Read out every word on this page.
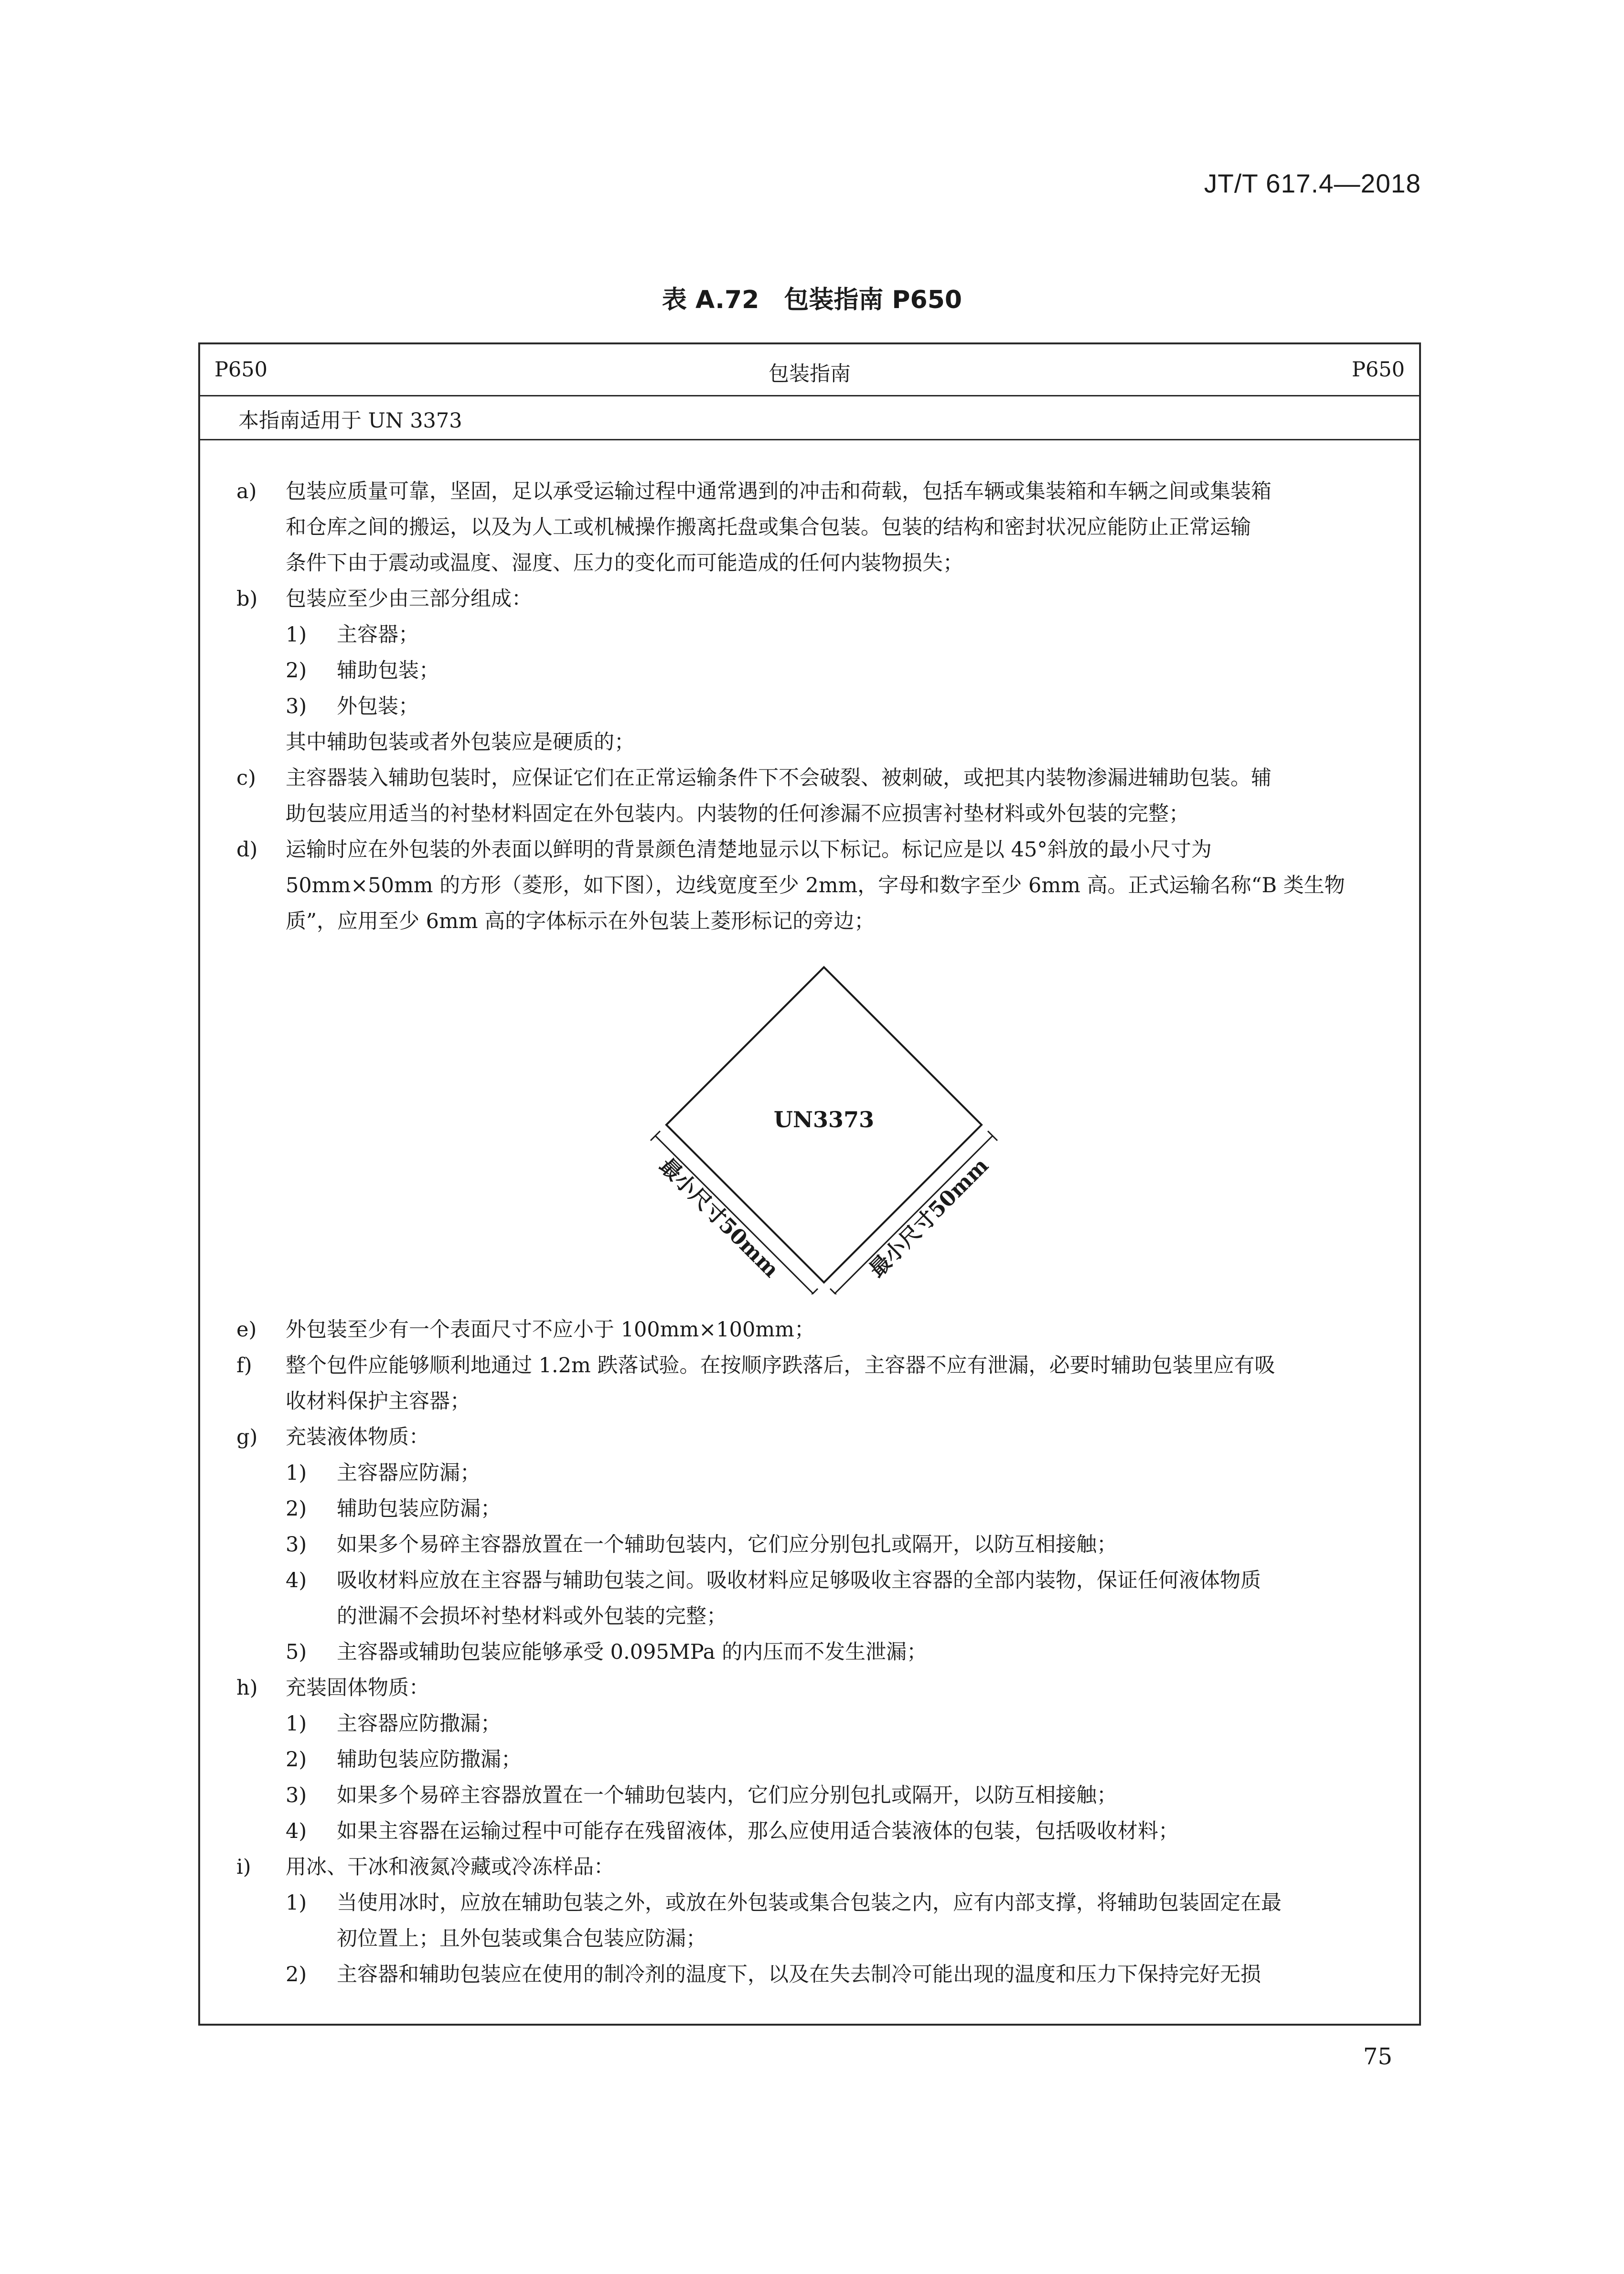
JT/T 617.4—2018
表 A.72　包装指南 P650
P650	包装指南	P650
本指南适用于 UN 3373
a) 包装应质量可靠，坚固，足以承受运输过程中通常遇到的冲击和荷载，包括车辆或集装箱和车辆之间或集装箱
和仓库之间的搬运，以及为人工或机械操作搬离托盘或集合包装。包装的结构和密封状况应能防止正常运输
条件下由于震动或温度、湿度、压力的变化而可能造成的任何内装物损失；
b) 包装应至少由三部分组成：
1) 主容器；
2) 辅助包装；
3) 外包装；
其中辅助包装或者外包装应是硬质的；
c) 主容器装入辅助包装时，应保证它们在正常运输条件下不会破裂、被刺破，或把其内装物渗漏进辅助包装。辅
助包装应用适当的衬垫材料固定在外包装内。内装物的任何渗漏不应损害衬垫材料或外包装的完整；
d) 运输时应在外包装的外表面以鲜明的背景颜色清楚地显示以下标记。标记应是以 45°斜放的最小尺寸为
50mm×50mm 的方形（菱形，如下图），边线宽度至少 2mm，字母和数字至少 6mm 高。正式运输名称“B 类生物
质”，应用至少 6mm 高的字体标示在外包装上菱形标记的旁边；
UN3373
最小尺寸50mm	最小尺寸50mm
e) 外包装至少有一个表面尺寸不应小于 100mm×100mm；
f) 整个包件应能够顺利地通过 1.2m 跌落试验。在按顺序跌落后，主容器不应有泄漏，必要时辅助包装里应有吸
收材料保护主容器；
g) 充装液体物质：
1) 主容器应防漏；
2) 辅助包装应防漏；
3) 如果多个易碎主容器放置在一个辅助包装内，它们应分别包扎或隔开，以防互相接触；
4) 吸收材料应放在主容器与辅助包装之间。吸收材料应足够吸收主容器的全部内装物，保证任何液体物质
的泄漏不会损坏衬垫材料或外包装的完整；
5) 主容器或辅助包装应能够承受 0.095MPa 的内压而不发生泄漏；
h) 充装固体物质：
1) 主容器应防撒漏；
2) 辅助包装应防撒漏；
3) 如果多个易碎主容器放置在一个辅助包装内，它们应分别包扎或隔开，以防互相接触；
4) 如果主容器在运输过程中可能存在残留液体，那么应使用适合装液体的包装，包括吸收材料；
i) 用冰、干冰和液氮冷藏或冷冻样品：
1) 当使用冰时，应放在辅助包装之外，或放在外包装或集合包装之内，应有内部支撑，将辅助包装固定在最
初位置上；且外包装或集合包装应防漏；
2) 主容器和辅助包装应在使用的制冷剂的温度下，以及在失去制冷可能出现的温度和压力下保持完好无损
75
